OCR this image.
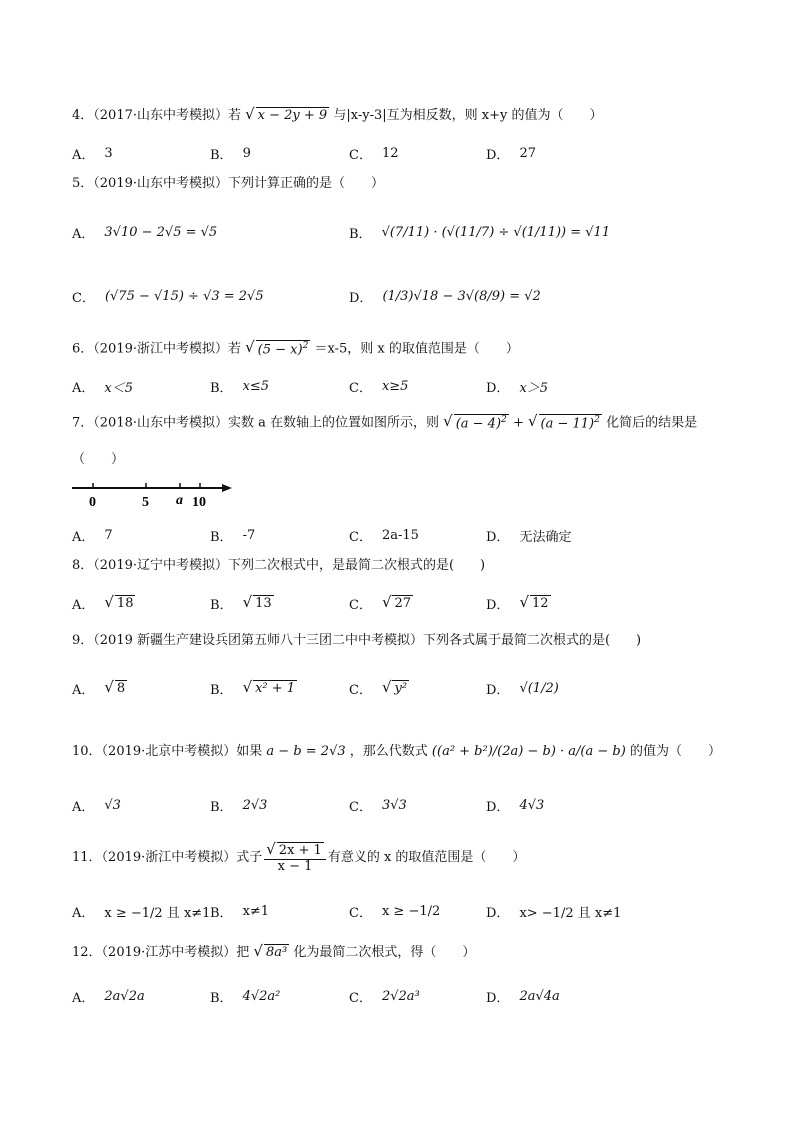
4．（2017·山东中考模拟）若 √ x − 2y + 9 与|x-y-3|互为相反数，则 x+y 的值为（　　）
A． 3	B． 9	C． 12	D． 27
5．（2019·山东中考模拟）下列计算正确的是（　　）
A． 3√10 − 2√5 = √5	B． √(7/11) · (√(11/7) ÷ √(1/11)) = √11
C． (√75 − √15) ÷ √3 = 2√5	D． (1/3)√18 − 3√(8/9) = √2
6．（2019·浙江中考模拟）若 √ $(5 - x)^2 =x-5$，则 x 的取值范围是（　　）
A． x＜5	B． x≤5	C． x≥5	D． x＞5
7．（2018·山东中考模拟）实数 a 在数轴上的位置如图所示，则 √ $(a - 4)^2$ + √ $(a - 11)^2$ 化简后的结果是
（　　）
0	5 a 10
A． 7	B． -7	C． 2a-15	D． 无法确定
8．（2019·辽宁中考模拟）下列二次根式中，是最简二次根式的是(　　)
A． √ 18	B． √ 13	C． √ 27	D． √ 12
9．（2019 新疆生产建设兵团第五师八十三团二中中考模拟）下列各式属于最简二次根式的是(　　)
A． √ 8	B． √ x² + 1	C． √ y²	D． √(1/2)
10．（2019·北京中考模拟）如果 a − b = 2√3 ，那么代数式 ((a² + b²)/(2a) − b) · a/(a − b) 的值为（　　）
A． √3	B． 2√3	C． 3√3	D． 4√3
11．（2019·浙江中考模拟）式子 $\frac{√ 2x + 1}{x - 1}$ 有意义的 x 的取值范围是（　　）
A． x ≥ −1/2 且 x≠1 B． x≠1	C． x ≥ −1/2	D． x> −1/2 且 x≠1
12．（2019·江苏中考模拟）把 √ 8a³ 化为最简二次根式，得（　　）
A． 2a√2a	B． 4√2a²	C． 2√2a³	D． 2a√4a
